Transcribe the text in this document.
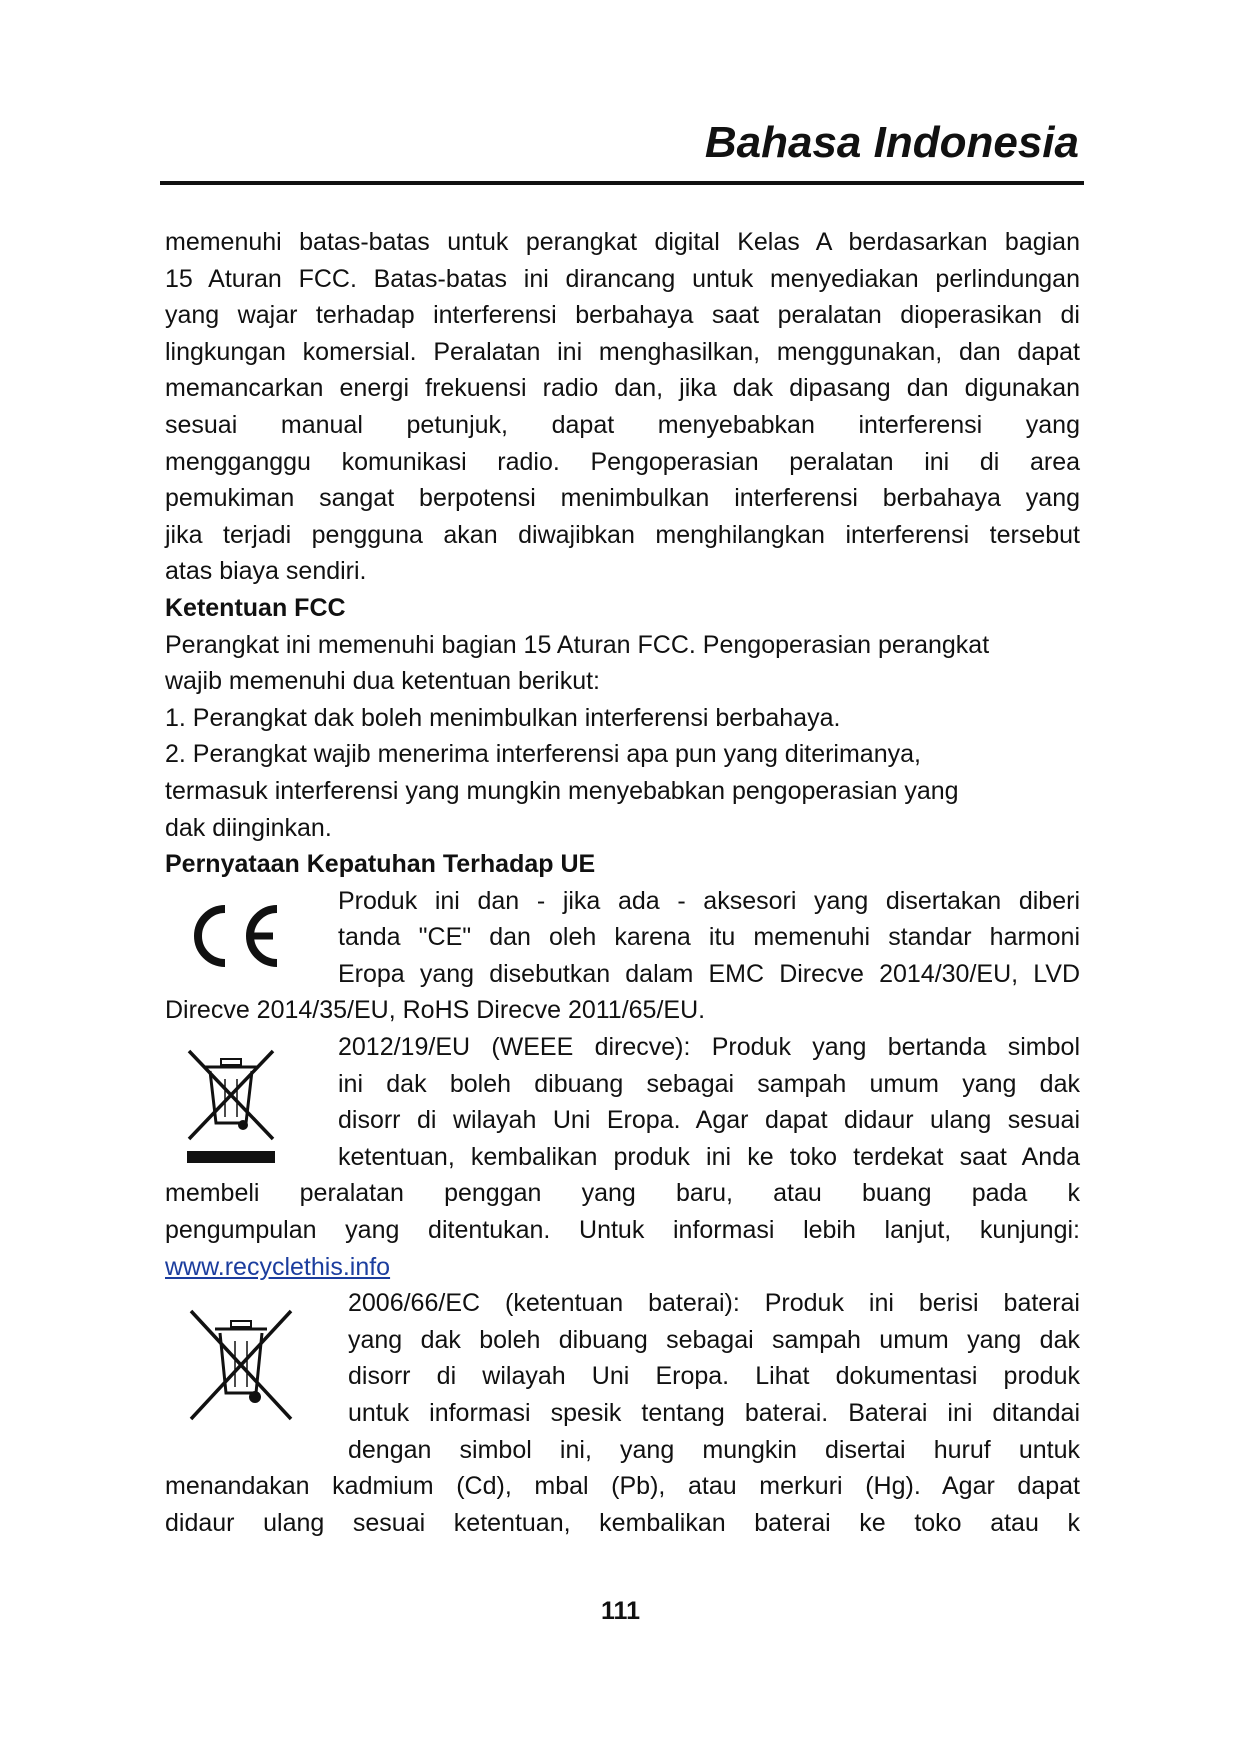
Bahasa Indonesia

memenuhi batas-batas untuk perangkat digital Kelas A berdasarkan bagian

15 Aturan FCC. Batas-batas ini dirancang untuk menyediakan perlindungan

yang wajar terhadap interferensi berbahaya saat peralatan dioperasikan di

lingkungan komersial. Peralatan ini menghasilkan, menggunakan, dan dapat

memancarkan energi frekuensi radio dan, jika dak dipasang dan digunakan

sesuai manual petunjuk, dapat menyebabkan interferensi yang

mengganggu komunikasi radio. Pengoperasian peralatan ini di area

pemukiman sangat berpotensi menimbulkan interferensi berbahaya yang

jika terjadi pengguna akan diwajibkan menghilangkan interferensi tersebut

atas biaya sendiri.

Ketentuan FCC

Perangkat ini memenuhi bagian 15 Aturan FCC. Pengoperasian perangkat

wajib memenuhi dua ketentuan berikut:

1. Perangkat dak boleh menimbulkan interferensi berbahaya.

2. Perangkat wajib menerima interferensi apa pun yang diterimanya,

termasuk interferensi yang mungkin menyebabkan pengoperasian yang

dak diinginkan.

Pernyataan Kepatuhan Terhadap UE

Produk ini dan - jika ada - aksesori yang disertakan diberi

tanda "CE" dan oleh karena itu memenuhi standar harmoni

Eropa yang disebutkan dalam EMC Direcve 2014/30/EU, LVD

Direcve 2014/35/EU, RoHS Direcve 2011/65/EU.

2012/19/EU (WEEE direcve): Produk yang bertanda simbol

ini dak boleh dibuang sebagai sampah umum yang dak

disorr di wilayah Uni Eropa. Agar dapat didaur ulang sesuai

ketentuan, kembalikan produk ini ke toko terdekat saat Anda

membeli peralatan penggan yang baru, atau buang pada k

pengumpulan yang ditentukan. Untuk informasi lebih lanjut, kunjungi:

www.recyclethis.info

2006/66/EC (ketentuan baterai): Produk ini berisi baterai

yang dak boleh dibuang sebagai sampah umum yang dak

disorr di wilayah Uni Eropa. Lihat dokumentasi produk

untuk informasi spesik tentang baterai. Baterai ini ditandai

dengan simbol ini, yang mungkin disertai huruf untuk

menandakan kadmium (Cd), mbal (Pb), atau merkuri (Hg). Agar dapat

didaur ulang sesuai ketentuan, kembalikan baterai ke toko atau k

111
